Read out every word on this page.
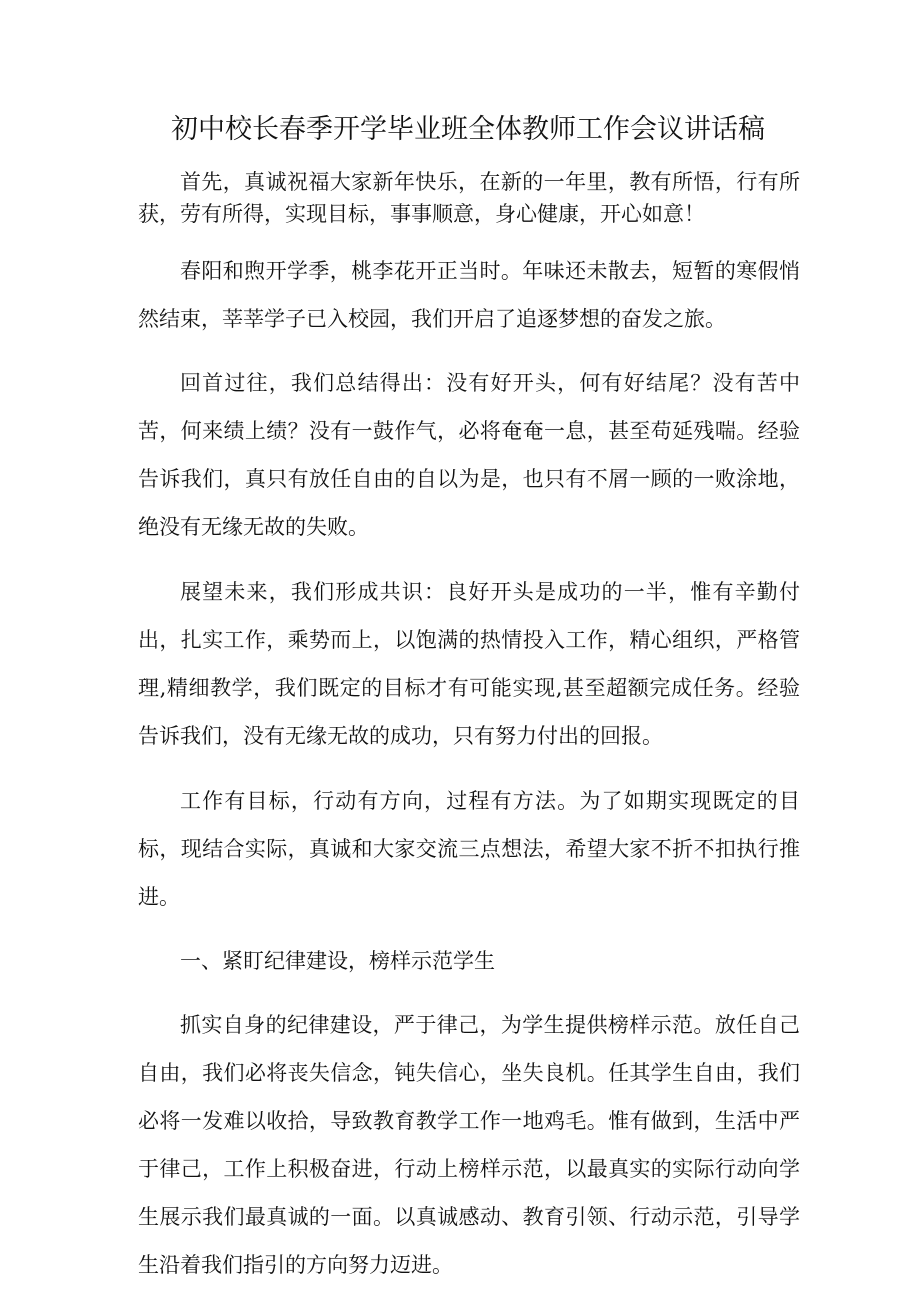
初中校长春季开学毕业班全体教师工作会议讲话稿

首先，真诚祝福大家新年快乐，在新的一年里，教有所悟，行有所获，劳有所得，实现目标，事事顺意，身心健康，开心如意！

春阳和煦开学季，桃李花开正当时。年味还未散去，短暂的寒假悄然结束，莘莘学子已入校园，我们开启了追逐梦想的奋发之旅。

回首过往，我们总结得出：没有好开头，何有好结尾？没有苦中苦，何来绩上绩？没有一鼓作气，必将奄奄一息，甚至苟延残喘。经验告诉我们，真只有放任自由的自以为是，也只有不屑一顾的一败涂地，绝没有无缘无故的失败。

展望未来，我们形成共识：良好开头是成功的一半，惟有辛勤付出，扎实工作，乘势而上，以饱满的热情投入工作，精心组织，严格管理,精细教学，我们既定的目标才有可能实现,甚至超额完成任务。经验告诉我们，没有无缘无故的成功，只有努力付出的回报。

工作有目标，行动有方向，过程有方法。为了如期实现既定的目标，现结合实际，真诚和大家交流三点想法，希望大家不折不扣执行推进。

一、紧盯纪律建设，榜样示范学生

抓实自身的纪律建设，严于律己，为学生提供榜样示范。放任自己自由，我们必将丧失信念，钝失信心，坐失良机。任其学生自由，我们必将一发难以收拾，导致教育教学工作一地鸡毛。惟有做到，生活中严于律己，工作上积极奋进，行动上榜样示范，以最真实的实际行动向学生展示我们最真诚的一面。以真诚感动、教育引领、行动示范，引导学生沿着我们指引的方向努力迈进。
